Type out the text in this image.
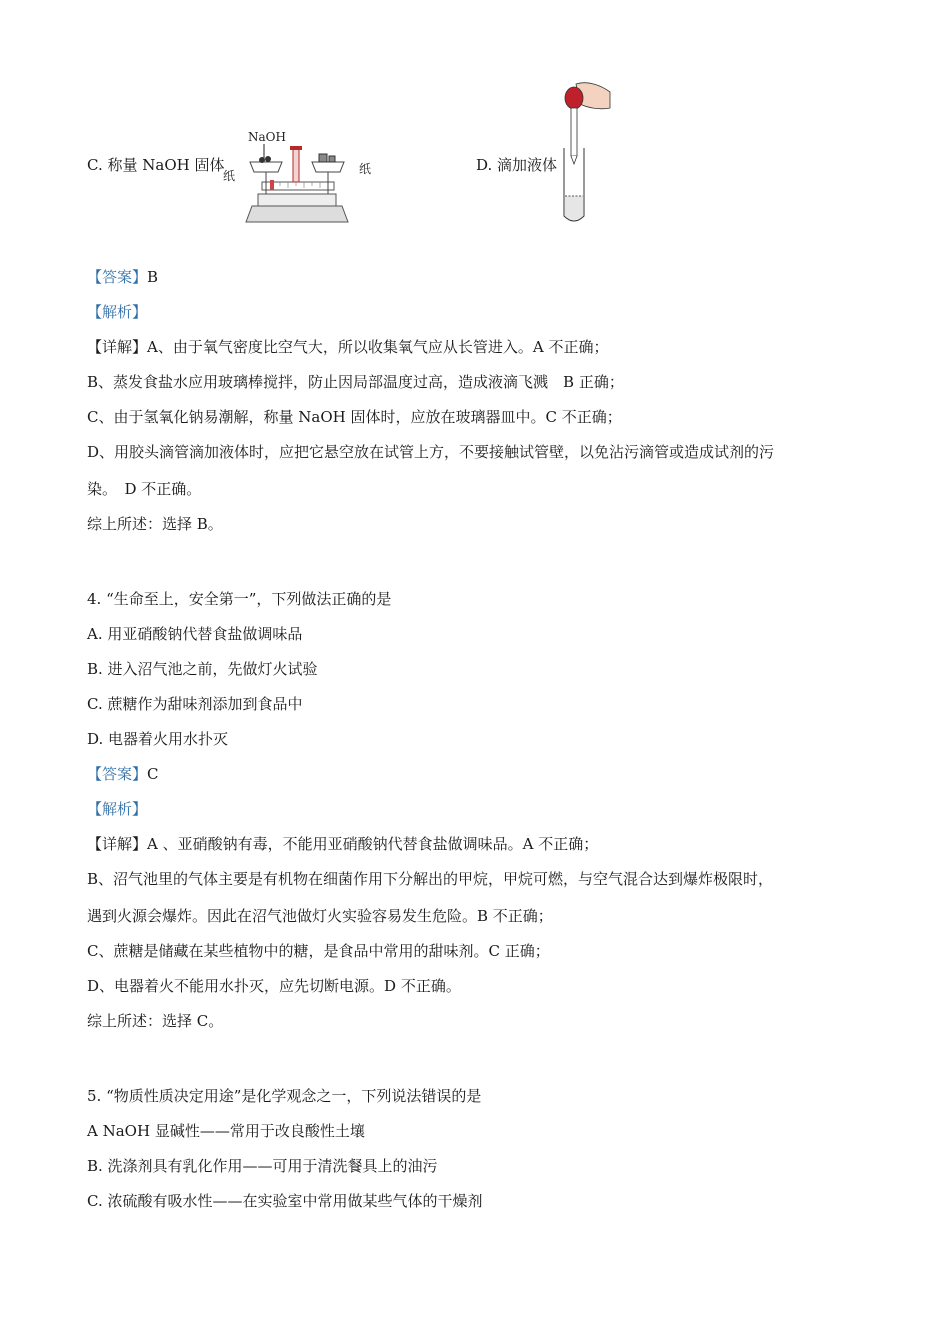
C. 称量 NaOH 固体
NaOH
纸	纸	D. 滴加液体
【答案】B
【解析】
【详解】A、由于氧气密度比空气大，所以收集氧气应从长管进入。A 不正确；
B、蒸发食盐水应用玻璃棒搅拌，防止因局部温度过高，造成液滴飞溅　B 正确；
C、由于氢氧化钠易潮解，称量 NaOH 固体时，应放在玻璃器皿中。C 不正确；
D、用胶头滴管滴加液体时，应把它悬空放在试管上方，不要接触试管壁，以免沾污滴管或造成试剂的污
染。　D 不正确。
综上所述：选择 B。
4. “生命至上，安全第一”，下列做法正确的是
A. 用亚硝酸钠代替食盐做调味品
B. 进入沼气池之前，先做灯火试验
C. 蔗糖作为甜味剂添加到食品中
D. 电器着火用水扑灭
【答案】C
【解析】
【详解】A 、亚硝酸钠有毒，不能用亚硝酸钠代替食盐做调味品。A 不正确；
B、沼气池里的气体主要是有机物在细菌作用下分解出的甲烷，甲烷可燃，与空气混合达到爆炸极限时，
遇到火源会爆炸。因此在沼气池做灯火实验容易发生危险。B 不正确；
C、蔗糖是储藏在某些植物中的糖，是食品中常用的甜味剂。C 正确；
D、电器着火不能用水扑灭，应先切断电源。D 不正确。
综上所述：选择 C。
5. “物质性质决定用途”是化学观念之一，下列说法错误的是
A NaOH 显碱性——常用于改良酸性土壤
B. 洗涤剂具有乳化作用——可用于清洗餐具上的油污
C. 浓硫酸有吸水性——在实验室中常用做某些气体的干燥剂
